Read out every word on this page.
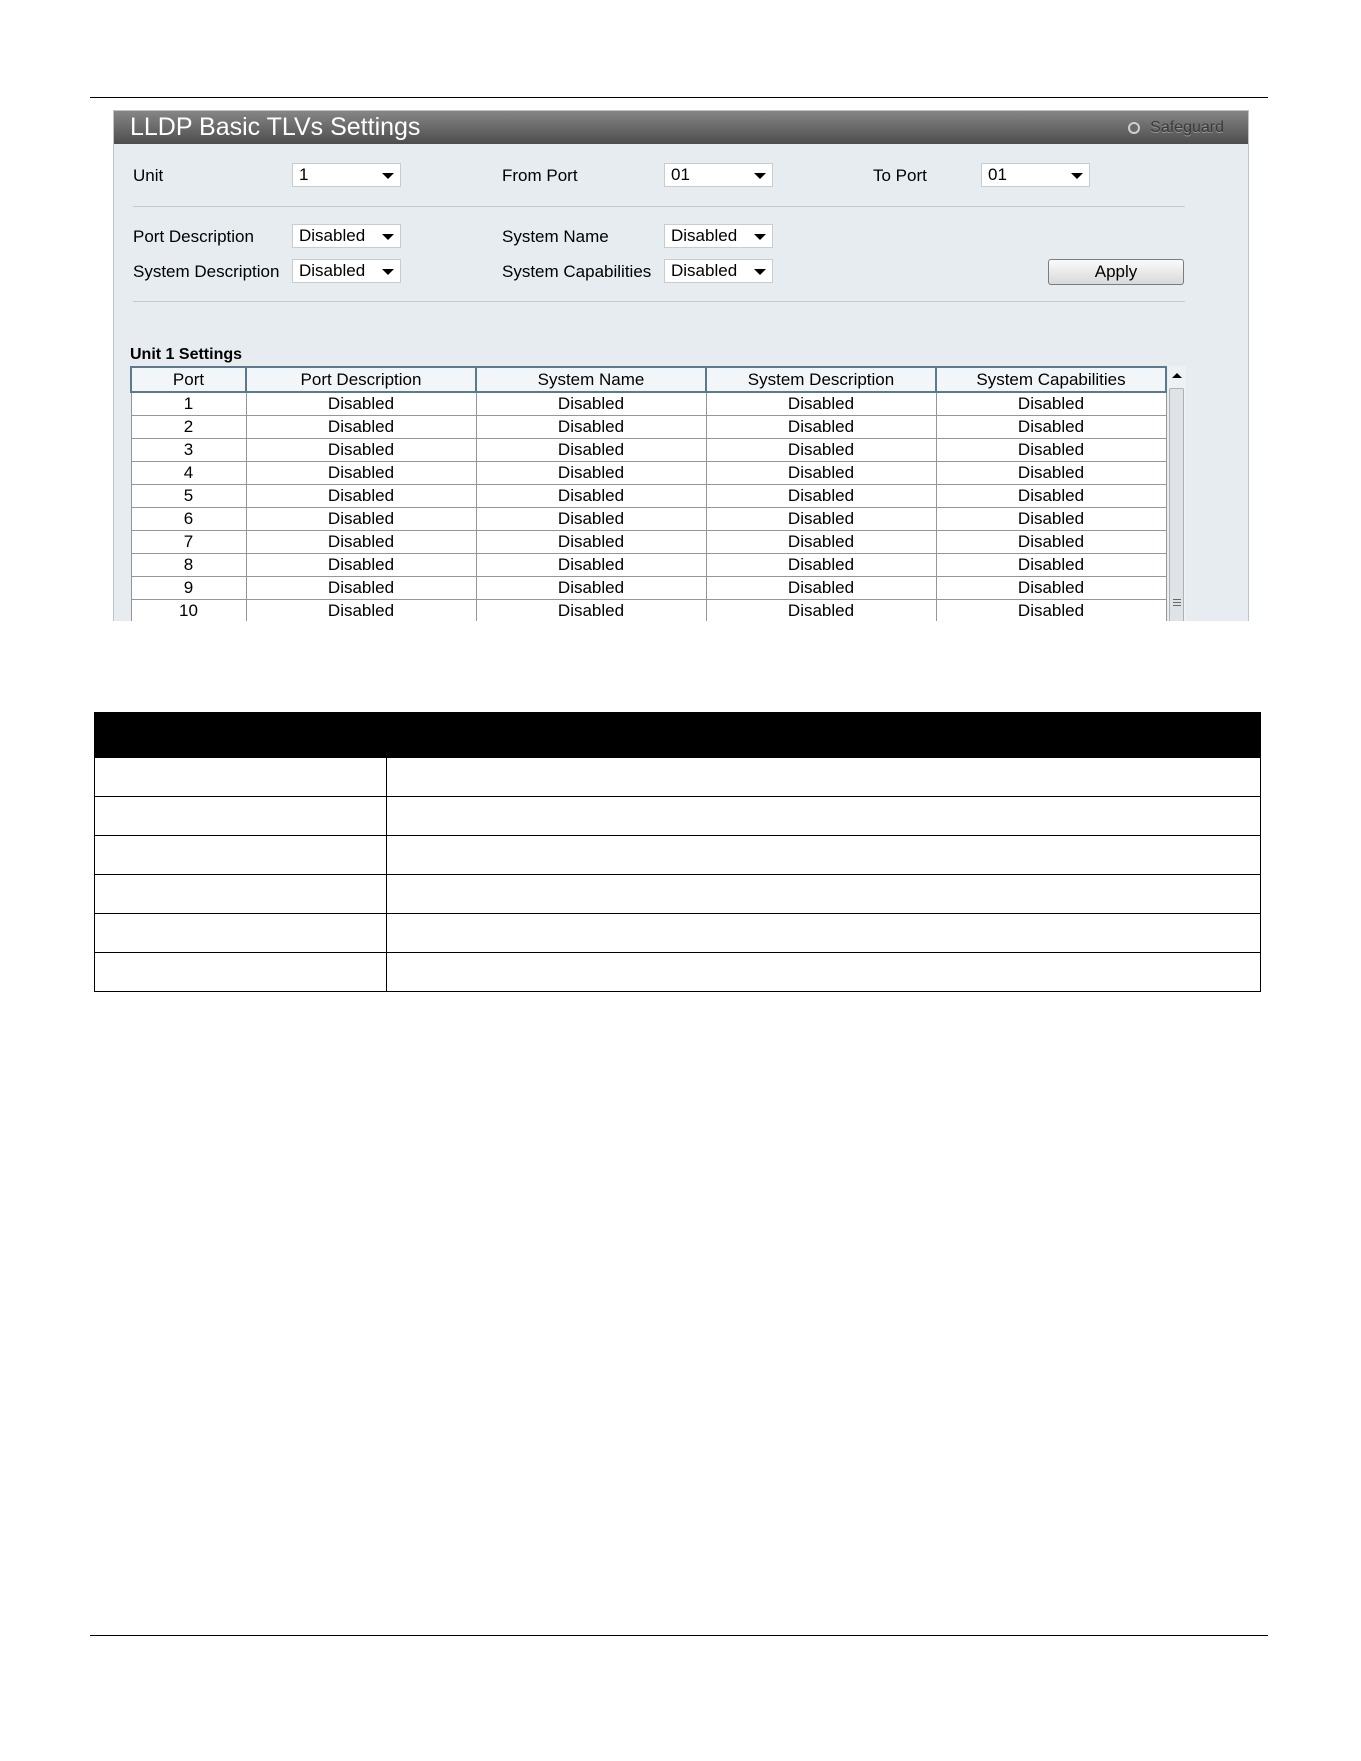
LLDP Basic TLVs Settings	Safeguard
Unit	1	From Port	01	To Port	01
Port Description	Disabled	System Name	Disabled
System Description	Disabled	System Capabilities	Disabled	Apply
Unit 1 Settings
Port	Port Description	System Name	System Description	System Capabilities
1	Disabled	Disabled	Disabled	Disabled
2	Disabled	Disabled	Disabled	Disabled
3	Disabled	Disabled	Disabled	Disabled
4	Disabled	Disabled	Disabled	Disabled
5	Disabled	Disabled	Disabled	Disabled
6	Disabled	Disabled	Disabled	Disabled
7	Disabled	Disabled	Disabled	Disabled
8	Disabled	Disabled	Disabled	Disabled
9	Disabled	Disabled	Disabled	Disabled
10	Disabled	Disabled	Disabled	Disabled
